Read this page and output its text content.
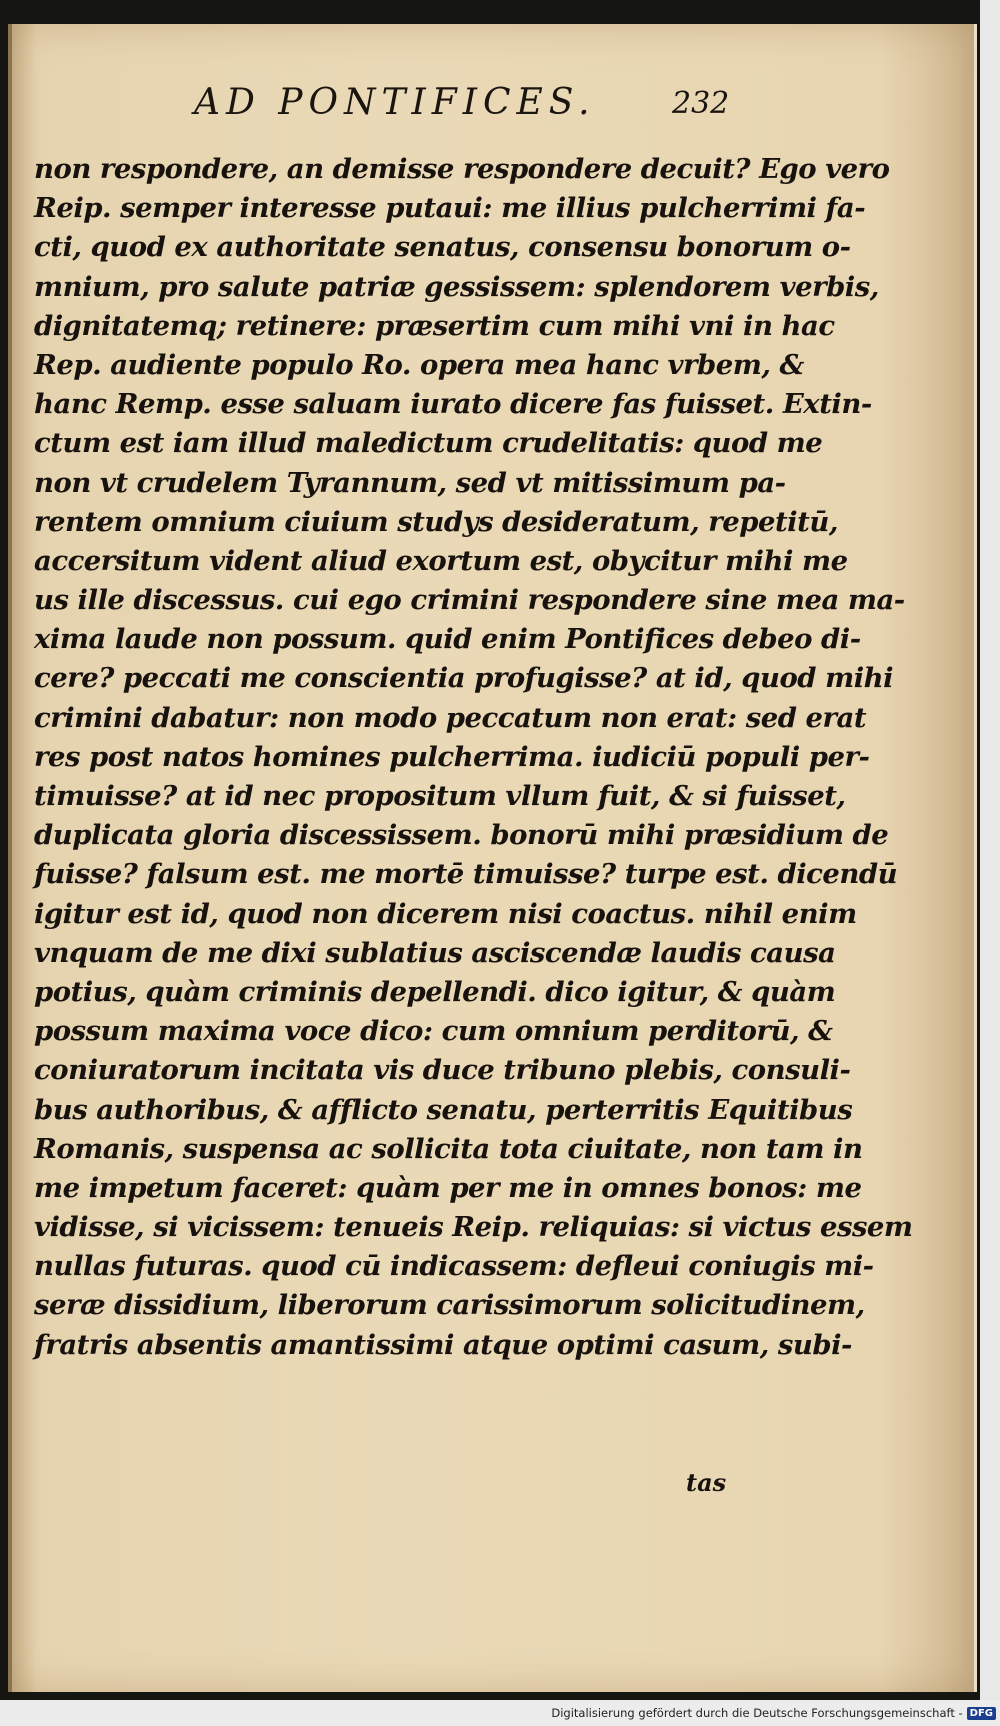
AD PONTIFICES.	232
non respondere, an demisse respondere decuit? Ego vero
Reip. semper interesse putaui: me illius pulcherrimi fa-
cti, quod ex authoritate senatus, consensu bonorum o-
mnium, pro salute patriæ gessissem: splendorem verbis,
dignitatemq; retinere: præsertim cum mihi vni in hac
Rep. audiente populo Ro. opera mea hanc vrbem, &
hanc Remp. esse saluam iurato dicere fas fuisset. Extin-
ctum est iam illud maledictum crudelitatis: quod me
non vt crudelem Tyrannum, sed vt mitissimum pa-
rentem omnium ciuium studys desideratum, repetitū,
accersitum vident aliud exortum est, obycitur mihi me
us ille discessus. cui ego crimini respondere sine mea ma-
xima laude non possum. quid enim Pontifices debeo di-
cere? peccati me conscientia profugisse? at id, quod mihi
crimini dabatur: non modo peccatum non erat: sed erat
res post natos homines pulcherrima. iudiciū populi per-
timuisse? at id nec propositum vllum fuit, & si fuisset,
duplicata gloria discessissem. bonorū mihi præsidium de
fuisse? falsum est. me mortē timuisse? turpe est. dicendū
igitur est id, quod non dicerem nisi coactus. nihil enim
vnquam de me dixi sublatius asciscendæ laudis causa
potius, quàm criminis depellendi. dico igitur, & quàm
possum maxima voce dico: cum omnium perditorū, &
coniuratorum incitata vis duce tribuno plebis, consuli-
bus authoribus, & afflicto senatu, perterritis Equitibus
Romanis, suspensa ac sollicita tota ciuitate, non tam in
me impetum faceret: quàm per me in omnes bonos: me
vidisse, si vicissem: tenueis Reip. reliquias: si victus essem
nullas futuras. quod cū indicassem: defleui coniugis mi-
seræ dissidium, liberorum carissimorum solicitudinem,
fratris absentis amantissimi atque optimi casum, subi-
tas
Digitalisierung gefördert durch die Deutsche Forschungsgemeinschaft - DFG
